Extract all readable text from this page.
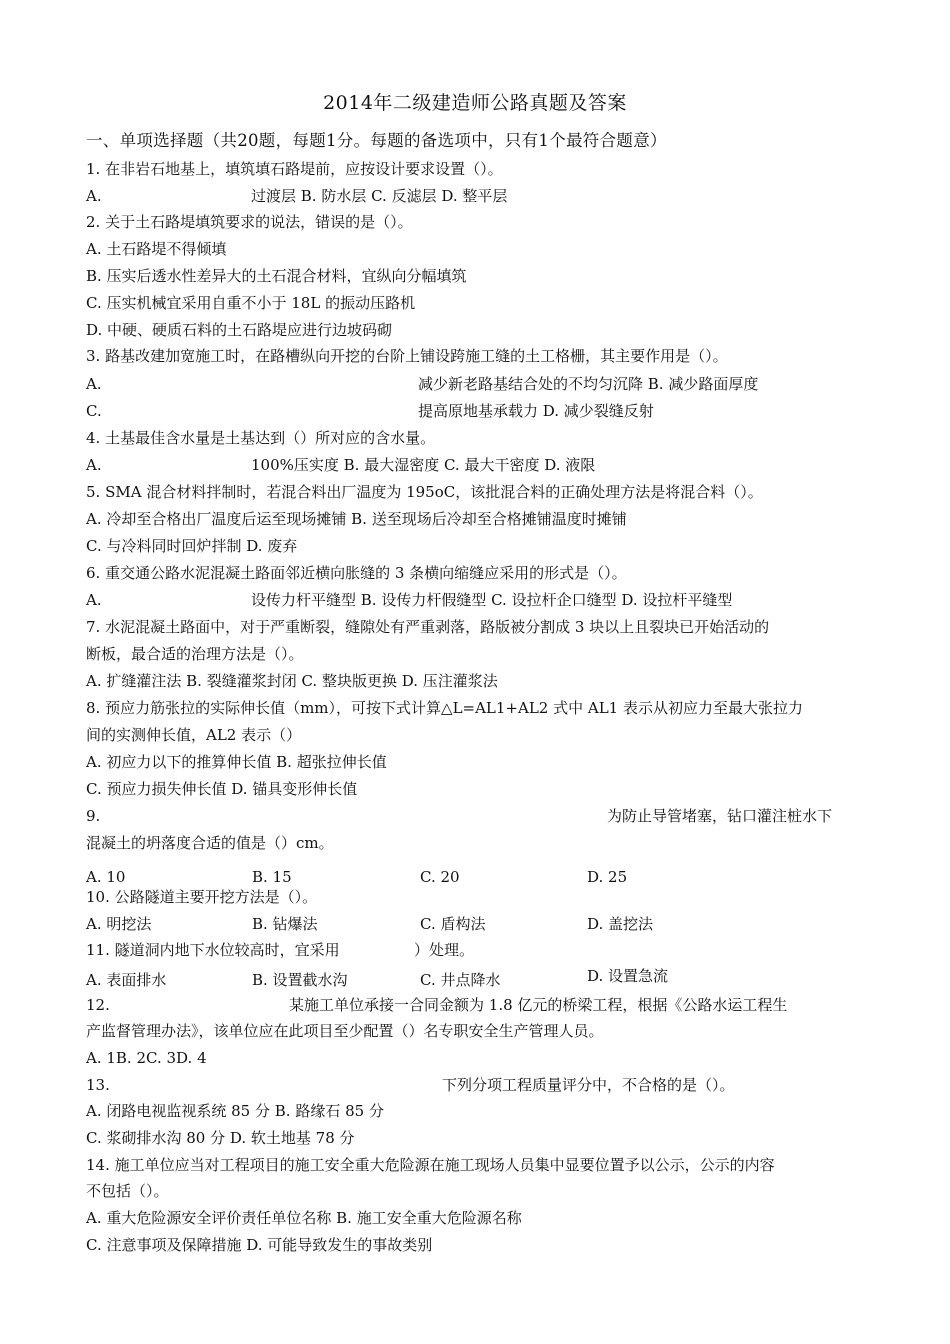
2014年二级建造师公路真题及答案
一、单项选择题（共20题，每题1分。每题的备选项中，只有1个最符合题意）
1. 在非岩石地基上，填筑填石路堤前，应按设计要求设置（）。
A.	过渡层 B. 防水层 C. 反滤层 D. 整平层
2. 关于土石路堤填筑要求的说法，错误的是（）。
A. 土石路堤不得倾填
B. 压实后透水性差异大的土石混合材料，宜纵向分幅填筑
C. 压实机械宜采用自重不小于 18L 的振动压路机
D. 中硬、硬质石料的土石路堤应进行边坡码砌
3. 路基改建加宽施工时，在路槽纵向开挖的台阶上铺设跨施工缝的土工格栅，其主要作用是（）。
A.	减少新老路基结合处的不均匀沉降 B. 减少路面厚度
C.	提高原地基承载力 D. 减少裂缝反射
4. 土基最佳含水量是土基达到（）所对应的含水量。
A.	100%压实度 B. 最大湿密度 C. 最大干密度 D. 液限
5. SMA 混合材料拌制时，若混合料出厂温度为 195oC，该批混合料的正确处理方法是将混合料（）。
A. 冷却至合格出厂温度后运至现场摊铺 B. 送至现场后冷却至合格摊铺温度时摊铺
C. 与冷料同时回炉拌制 D. 废弃
6. 重交通公路水泥混凝土路面邻近横向胀缝的 3 条横向缩缝应采用的形式是（）。
A.	设传力杆平缝型 B. 设传力杆假缝型 C. 设拉杆企口缝型 D. 设拉杆平缝型
7. 水泥混凝土路面中，对于严重断裂，缝隙处有严重剥落，路版被分割成 3 块以上且裂块已开始活动的
断板，最合适的治理方法是（）。
A. 扩缝灌注法 B. 裂缝灌浆封闭 C. 整块版更换 D. 压注灌浆法
8. 预应力筋张拉的实际伸长值（mm），可按下式计算△L=AL1+AL2 式中 AL1 表示从初应力至最大张拉力
间的实测伸长值，AL2 表示（）
A. 初应力以下的推算伸长值 B. 超张拉伸长值
C. 预应力损失伸长值 D. 锚具变形伸长值
9.	为防止导管堵塞，钻口灌注桩水下
混凝土的坍落度合适的值是（）cm。
A. 10	B. 15	C. 20	D. 25
10. 公路隧道主要开挖方法是（）。
A. 明挖法	B. 钻爆法	C. 盾构法	D. 盖挖法
11. 隧道洞内地下水位较高时，宜采用	）处理。
A. 表面排水	B. 设置截水沟	C. 井点降水	D. 设置急流
12.	某施工单位承接一合同金额为 1.8 亿元的桥梁工程，根据《公路水运工程生
产监督管理办法》，该单位应在此项目至少配置（）名专职安全生产管理人员。
A. 1B. 2C. 3D. 4
13.	下列分项工程质量评分中，不合格的是（）。
A. 闭路电视监视系统 85 分 B. 路缘石 85 分
C. 浆砌排水沟 80 分 D. 软土地基 78 分
14. 施工单位应当对工程项目的施工安全重大危险源在施工现场人员集中显要位置予以公示，公示的内容
不包括（）。
A. 重大危险源安全评价责任单位名称 B. 施工安全重大危险源名称
C. 注意事项及保障措施 D. 可能导致发生的事故类别
